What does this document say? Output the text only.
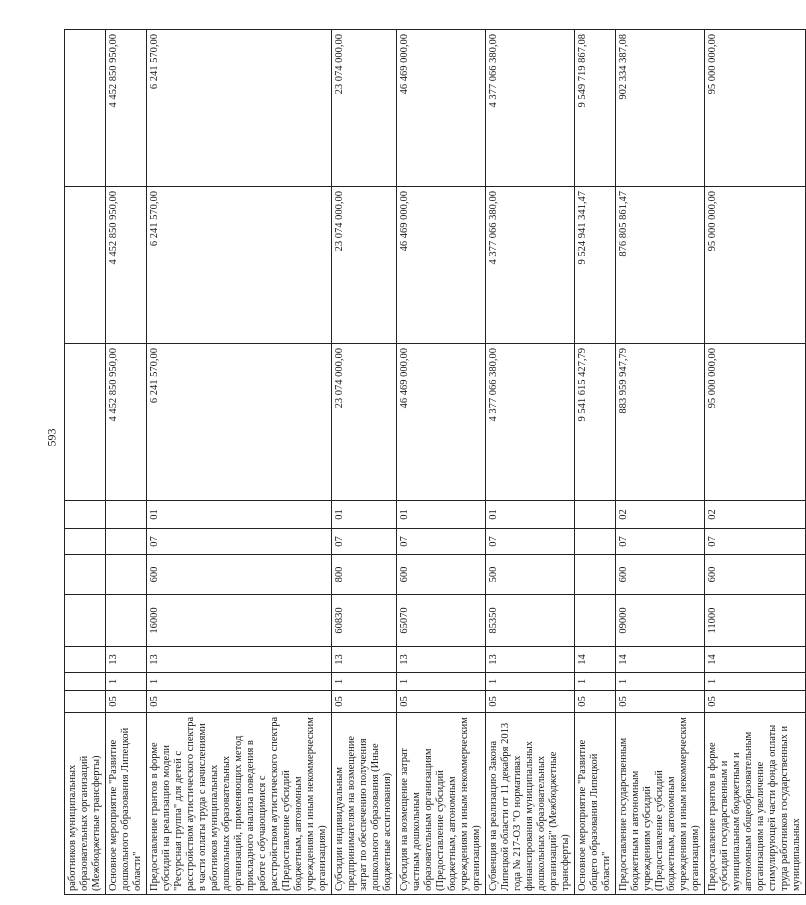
593
работников муниципальных образовательных организаций (Межбюджетные трансферты)										
Основное мероприятие "Развитие дошкольного образования Липецкой области"	05	1	13					4 452 850 950,00	4 452 850 950,00	4 452 850 950,00
Предоставление грантов в форме субсидий на реализацию модели "Ресурсная группа" для детей с расстройством аутистического спектра в части оплаты труда с начислениями работников муниципальных дошкольных образовательных организаций, применяющих метод прикладного анализа поведения в работе с обучающимися с расстройством аутистического спектра (Предоставление субсидий бюджетным, автономным учреждениям и иным некоммерческим организациям)	05	1	13	16000	600	07	01	6 241 570,00	6 241 570,00	6 241 570,00
Субсидии индивидуальным предпринимателям на возмещение затрат по обеспечению получения дошкольного образования (Иные бюджетные ассигнования)	05	1	13	60830	800	07	01	23 074 000,00	23 074 000,00	23 074 000,00
Субсидия на возмещение затрат частным дошкольным образовательным организациям (Предоставление субсидий бюджетным, автономным учреждениям и иным некоммерческим организациям)	05	1	13	65070	600	07	01	46 469 000,00	46 469 000,00	46 469 000,00
Субвенция на реализацию Закона Липецкой области от 11 декабря 2013 года № 217-ОЗ "О нормативах финансирования муниципальных дошкольных образовательных организаций" (Межбюджетные трансферты)	05	1	13	85350	500	07	01	4 377 066 380,00	4 377 066 380,00	4 377 066 380,00
Основное мероприятие "Развитие общего образования Липецкой области"	05	1	14					9 541 615 427,79	9 524 941 341,47	9 549 719 867,08
Предоставление государственным бюджетным и автономным учреждениям субсидий (Предоставление субсидий бюджетным, автономным учреждениям и иным некоммерческим организациям)	05	1	14	09000	600	07	02	883 959 947,79	876 805 861,47	902 334 387,08
Предоставление грантов в форме субсидий государственным и муниципальным бюджетным и автономным общеобразовательным организациям на увеличение стимулирующей части фонда оплаты труда работников государственных и муниципальных	05	1	14	11000	600	07	02	95 000 000,00	95 000 000,00	95 000 000,00
